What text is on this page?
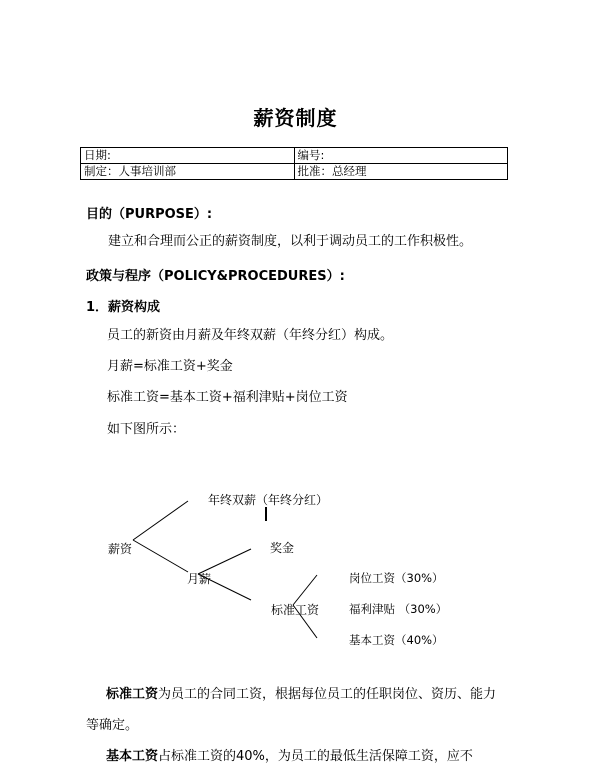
薪资制度
日期:	编号:
制定：人事培训部	批准：总经理
目的（PURPOSE）:
建立和合理而公正的薪资制度，以利于调动员工的工作积极性。
政策与程序（POLICY&PROCEDURES）:
1．薪资构成
员工的新资由月薪及年终双薪（年终分红）构成。
月薪=标准工资+奖金
标准工资=基本工资+福利津贴+岗位工资
如下图所示：
年终双薪（年终分红）
薪资	奖金
月薪
标准工资
岗位工资（30%）
福利津贴 （30%）
基本工资（40%）
标准工资为员工的合同工资，根据每位员工的任职岗位、资历、能力等确定。
基本工资占标准工资的40%，为员工的最低生活保障工资，应不
